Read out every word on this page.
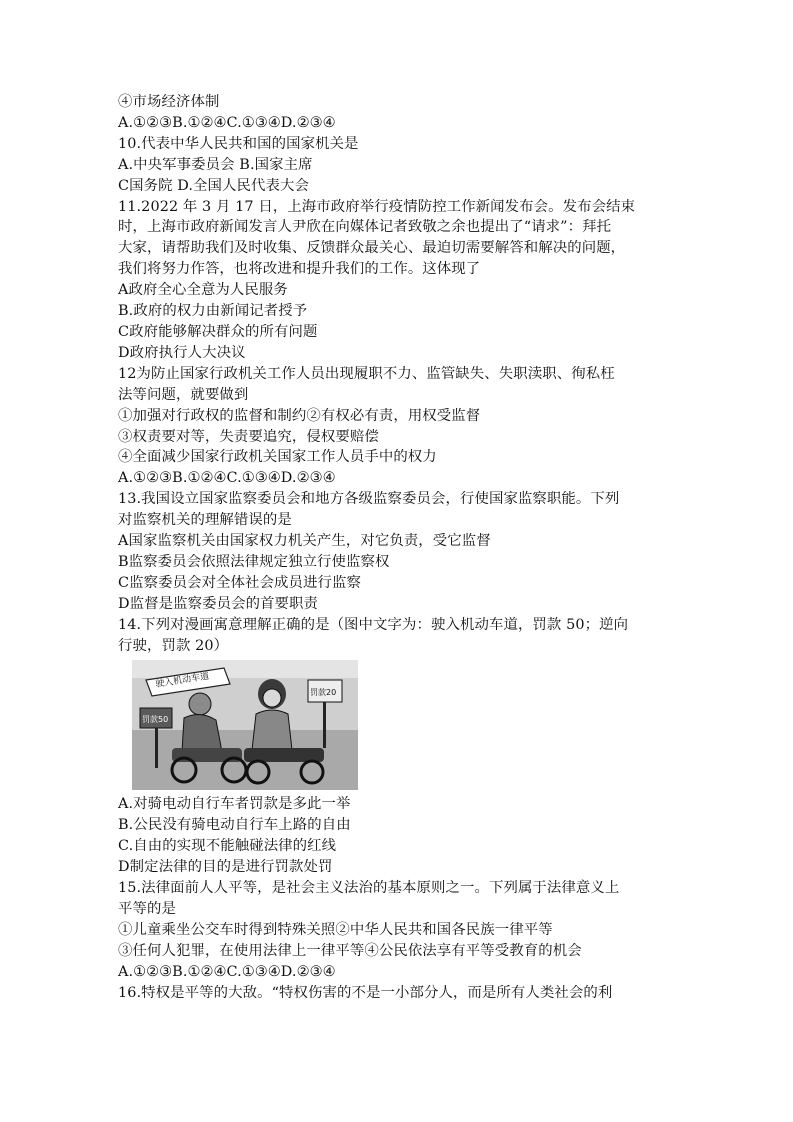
④市场经济体制

A.①②③B.①②④C.①③④D.②③④

10.代表中华人民共和国的国家机关是

A.中央军事委员会 B.国家主席

C国务院 D.全国人民代表大会

11.2022 年 3 月 17 日，上海市政府举行疫情防控工作新闻发布会。发布会结束

时，上海市政府新闻发言人尹欣在向媒体记者致敬之余也提出了“请求”：拜托

大家，请帮助我们及时收集、反馈群众最关心、最迫切需要解答和解决的问题，

我们将努力作答，也将改进和提升我们的工作。这体现了

A政府全心全意为人民服务

B.政府的权力由新闻记者授予

C政府能够解决群众的所有问题

D政府执行人大决议

12为防止国家行政机关工作人员出现履职不力、监管缺失、失职渎职、徇私枉

法等问题，就要做到

①加强对行政权的监督和制约②有权必有责，用权受监督

③权责要对等，失责要追究，侵权要赔偿

④全面减少国家行政机关国家工作人员手中的权力

A.①②③B.①②④C.①③④D.②③④

13.我国设立国家监察委员会和地方各级监察委员会，行使国家监察职能。下列

对监察机关的理解错误的是

A国家监察机关由国家权力机关产生，对它负责，受它监督

B监察委员会依照法律规定独立行使监察权

C监察委员会对全体社会成员进行监察

D监督是监察委员会的首要职责

14.下列对漫画寓意理解正确的是（图中文字为：驶入机动车道，罚款 50；逆向

行驶，罚款 20）

驶入机动车道
罚款50
罚款20

A.对骑电动自行车者罚款是多此一举

B.公民没有骑电动自行车上路的自由

C.自由的实现不能触碰法律的红线

D制定法律的目的是进行罚款处罚

15.法律面前人人平等，是社会主义法治的基本原则之一。下列属于法律意义上

平等的是

①儿童乘坐公交车时得到特殊关照②中华人民共和国各民族一律平等

③任何人犯罪，在使用法律上一律平等④公民依法享有平等受教育的机会

A.①②③B.①②④C.①③④D.②③④

16.特权是平等的大敌。“特权伤害的不是一小部分人，而是所有人类社会的利
